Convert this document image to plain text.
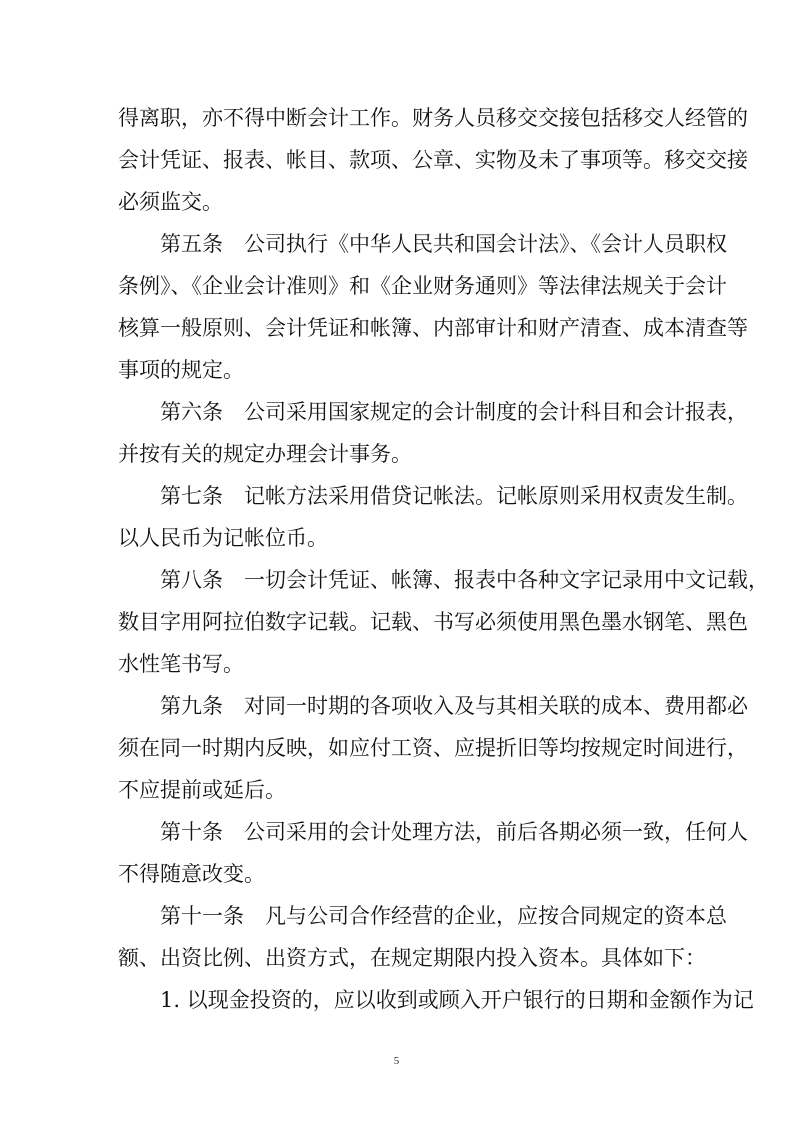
得离职，亦不得中断会计工作。财务人员移交交接包括移交人经管的
会计凭证、报表、帐目、款项、公章、实物及未了事项等。移交交接
必须监交。
第五条　公司执行《中华人民共和国会计法》、《会计人员职权
条例》、《企业会计准则》和《企业财务通则》等法律法规关于会计
核算一般原则、会计凭证和帐簿、内部审计和财产清查、成本清查等
事项的规定。
第六条　公司采用国家规定的会计制度的会计科目和会计报表，
并按有关的规定办理会计事务。
第七条　记帐方法采用借贷记帐法。记帐原则采用权责发生制。
以人民币为记帐位币。
第八条　一切会计凭证、帐簿、报表中各种文字记录用中文记载，
数目字用阿拉伯数字记载。记载、书写必须使用黑色墨水钢笔、黑色
水性笔书写。
第九条　对同一时期的各项收入及与其相关联的成本、费用都必
须在同一时期内反映，如应付工资、应提折旧等均按规定时间进行，
不应提前或延后。
第十条　公司采用的会计处理方法，前后各期必须一致，任何人
不得随意改变。
第十一条　凡与公司合作经营的企业，应按合同规定的资本总
额、出资比例、出资方式，在规定期限内投入资本。具体如下：
1. 以现金投资的，应以收到或顾入开户银行的日期和金额作为记
5
